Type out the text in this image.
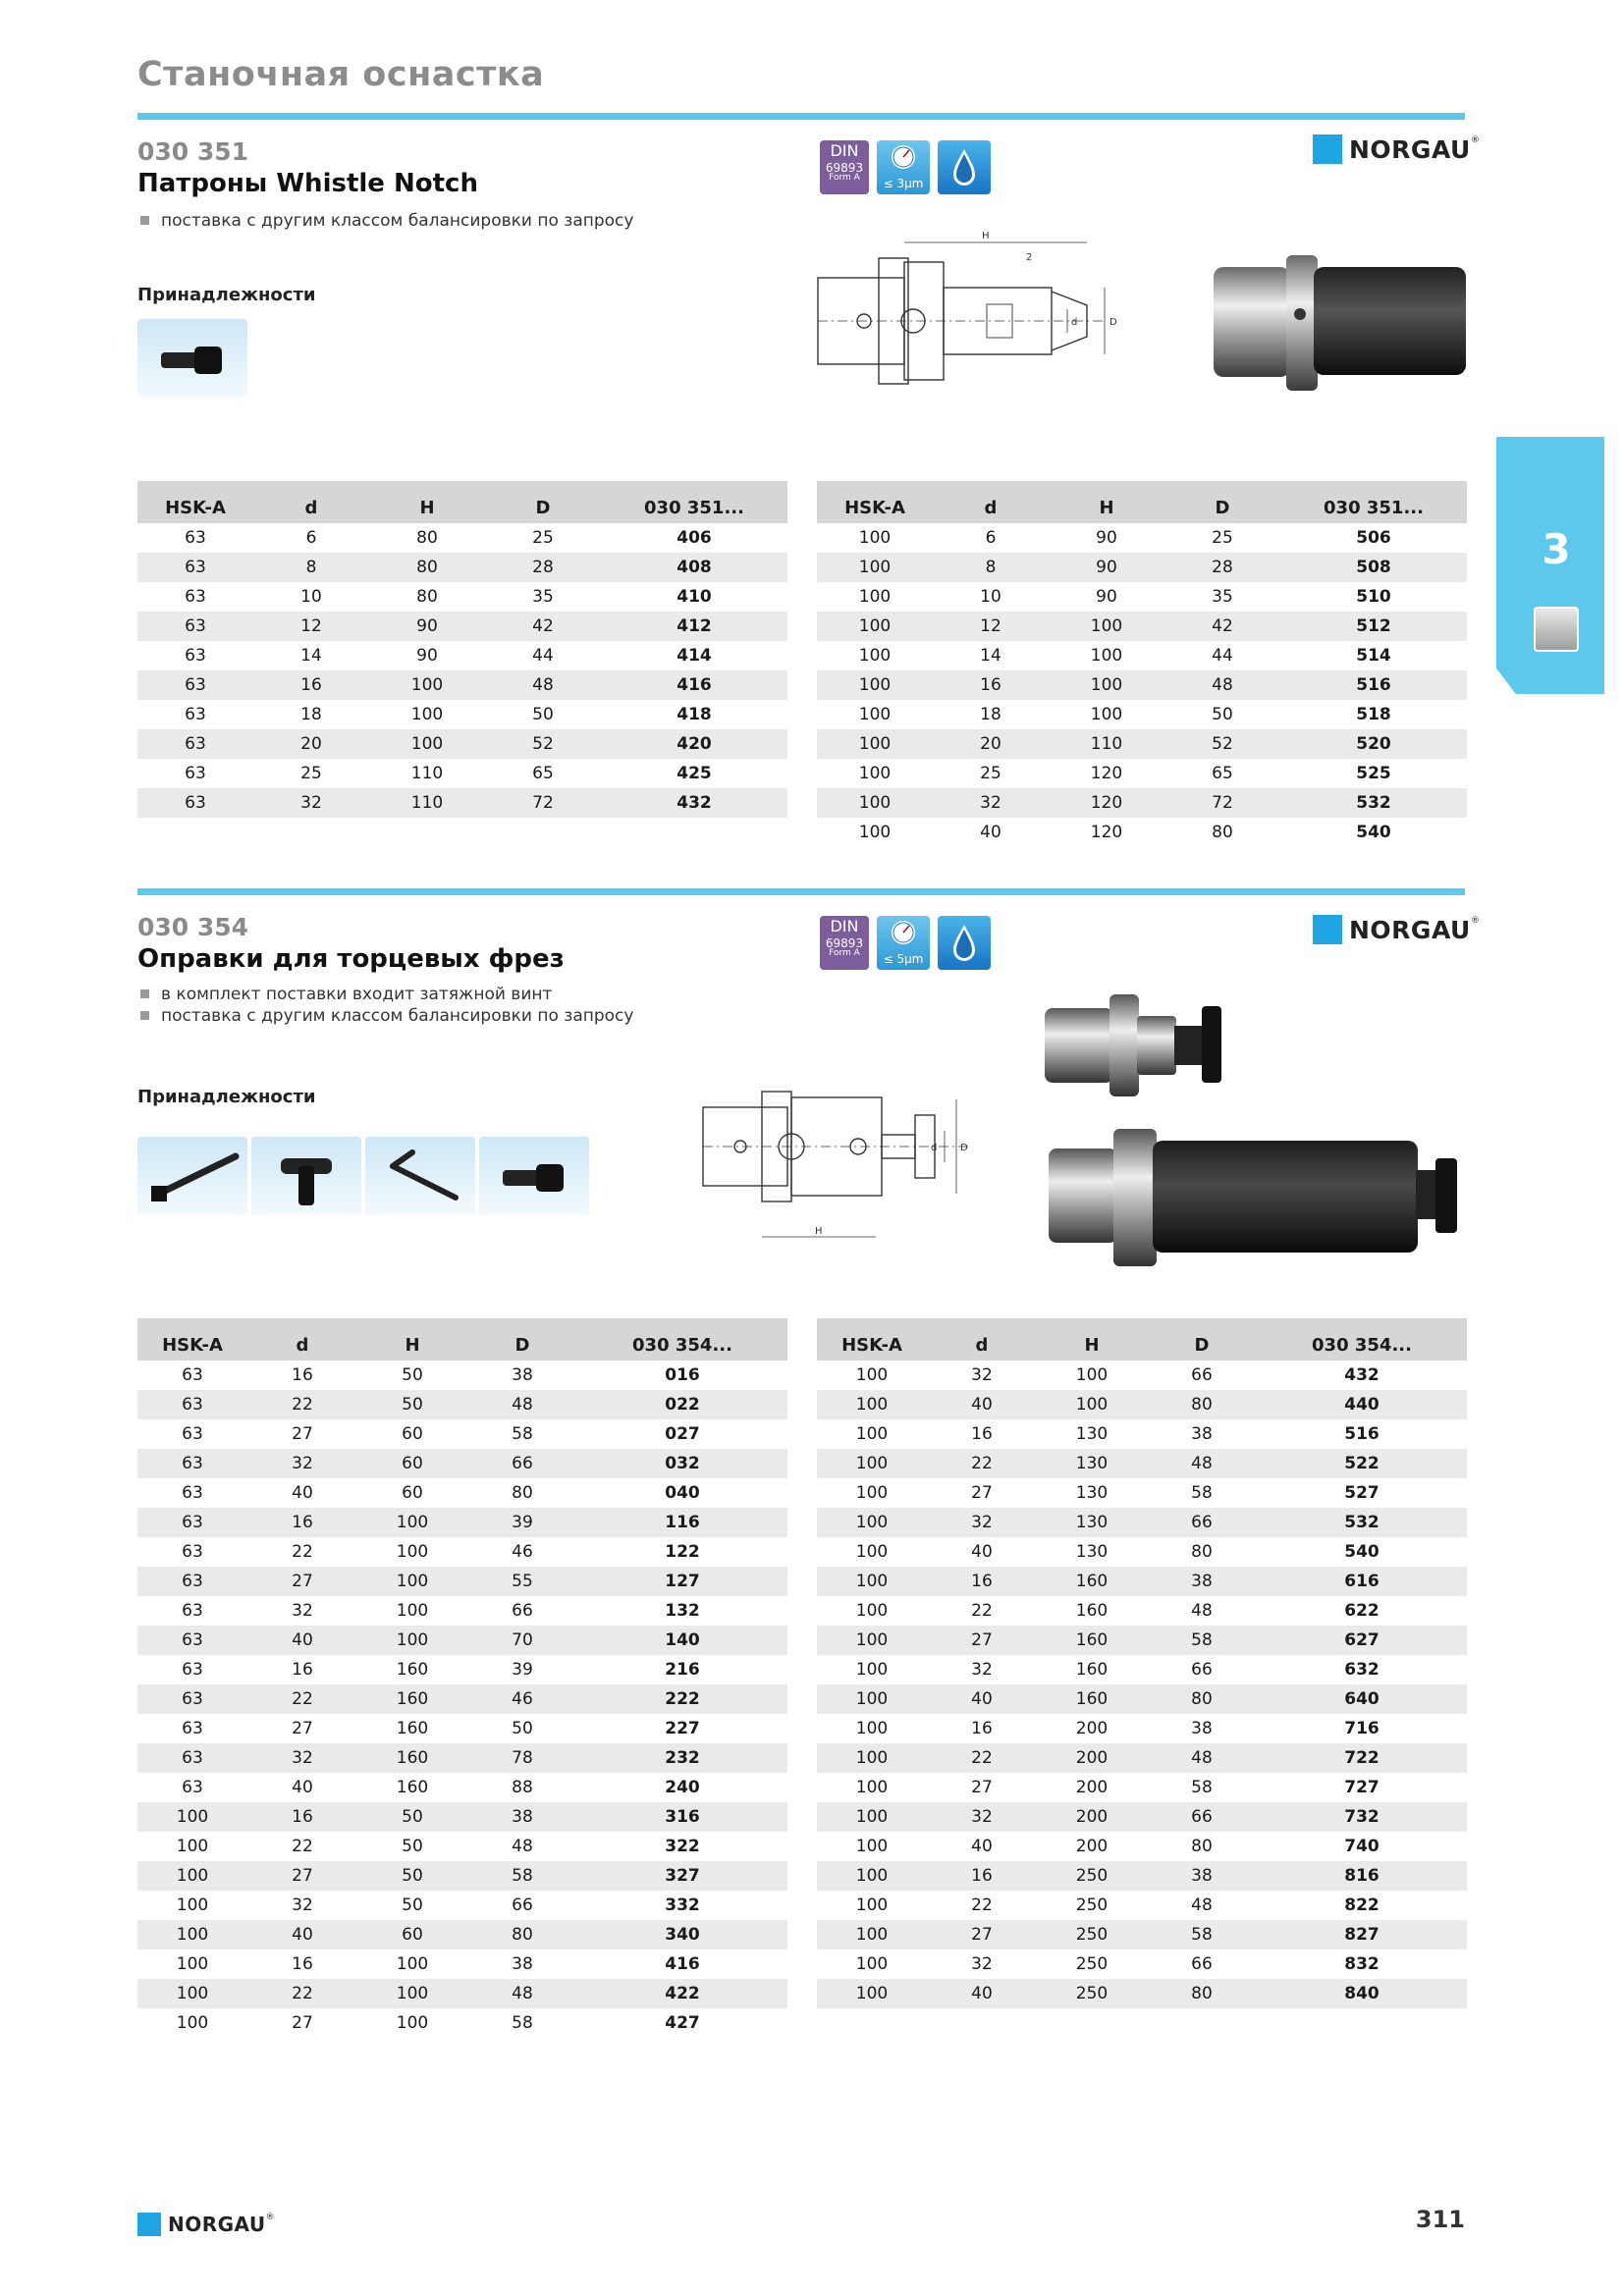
Станочная оснастка
3
030 351
Патроны Whistle Notch
поставка с другим классом балансировки по запросу
Принадлежности
DIN
69893
Form A	≤ 3μm
NORGAU®
H
2
D
d
HSK-A	d	H	D	030 351...
63	6	80	25	406
63	8	80	28	408
63	10	80	35	410
63	12	90	42	412
63	14	90	44	414
63	16	100	48	416
63	18	100	50	418
63	20	100	52	420
63	25	110	65	425
63	32	110	72	432
HSK-A	d	H	D	030 351...
100	6	90	25	506
100	8	90	28	508
100	10	90	35	510
100	12	100	42	512
100	14	100	44	514
100	16	100	48	516
100	18	100	50	518
100	20	110	52	520
100	25	120	65	525
100	32	120	72	532
100	40	120	80	540
030 354
Оправки для торцевых фрез
в комплект поставки входит затяжной винт
поставка с другим классом балансировки по запросу
Принадлежности
DIN
69893
Form A	≤ 5μm
NORGAU®
H
D
d
HSK-A	d	H	D	030 354...
63	16	50	38	016
63	22	50	48	022
63	27	60	58	027
63	32	60	66	032
63	40	60	80	040
63	16	100	39	116
63	22	100	46	122
63	27	100	55	127
63	32	100	66	132
63	40	100	70	140
63	16	160	39	216
63	22	160	46	222
63	27	160	50	227
63	32	160	78	232
63	40	160	88	240
100	16	50	38	316
100	22	50	48	322
100	27	50	58	327
100	32	50	66	332
100	40	60	80	340
100	16	100	38	416
100	22	100	48	422
100	27	100	58	427
HSK-A	d	H	D	030 354...
100	32	100	66	432
100	40	100	80	440
100	16	130	38	516
100	22	130	48	522
100	27	130	58	527
100	32	130	66	532
100	40	130	80	540
100	16	160	38	616
100	22	160	48	622
100	27	160	58	627
100	32	160	66	632
100	40	160	80	640
100	16	200	38	716
100	22	200	48	722
100	27	200	58	727
100	32	200	66	732
100	40	200	80	740
100	16	250	38	816
100	22	250	48	822
100	27	250	58	827
100	32	250	66	832
100	40	250	80	840
NORGAU®	311
